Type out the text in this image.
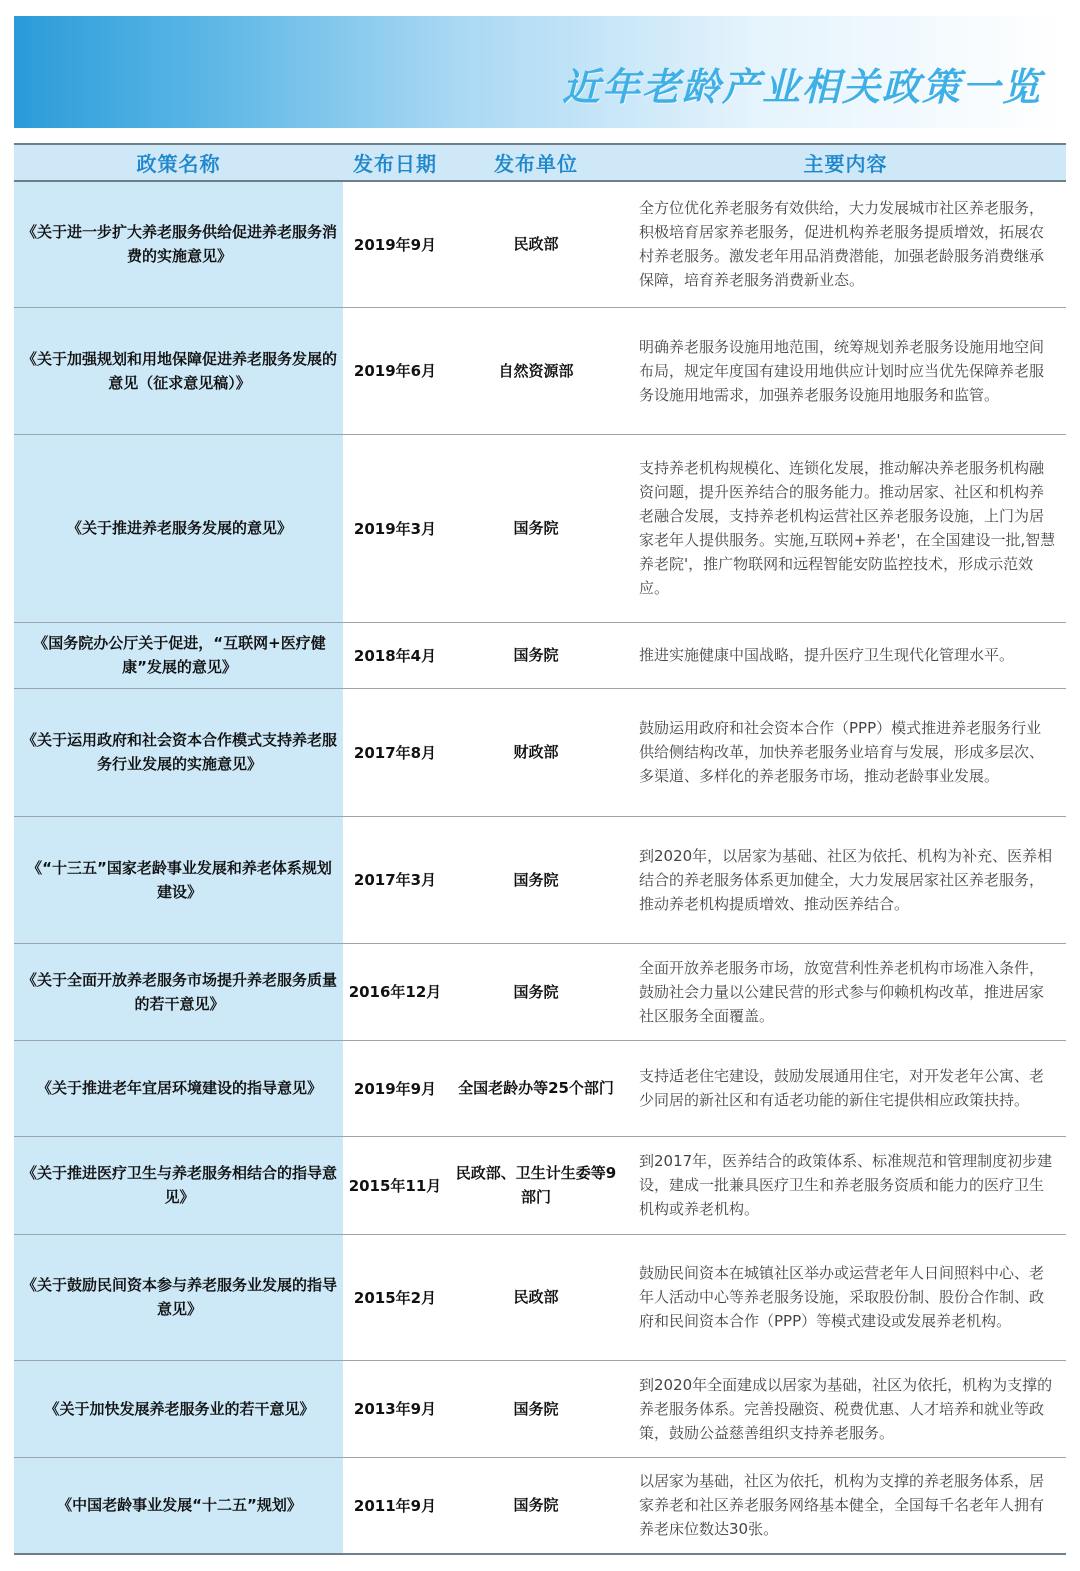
近年老龄产业相关政策一览
政策名称	发布日期	发布单位	主要内容
《关于进一步扩大养老服务供给促进养老服务消费的实施意见》	2019年9月	民政部	全方位优化养老服务有效供给，大力发展城市社区养老服务，积极培育居家养老服务，促进机构养老服务提质增效，拓展农村养老服务。激发老年用品消费潜能，加强老龄服务消费继承保障，培育养老服务消费新业态。
《关于加强规划和用地保障促进养老服务发展的意见（征求意见稿）》	2019年6月	自然资源部	明确养老服务设施用地范围，统筹规划养老服务设施用地空间布局，规定年度国有建设用地供应计划时应当优先保障养老服务设施用地需求，加强养老服务设施用地服务和监管。
《关于推进养老服务发展的意见》	2019年3月	国务院	支持养老机构规模化、连锁化发展，推动解决养老服务机构融资问题，提升医养结合的服务能力。推动居家、社区和机构养老融合发展，支持养老机构运营社区养老服务设施，上门为居家老年人提供服务。实施,互联网+养老'，在全国建设一批,智慧养老院'，推广物联网和远程智能安防监控技术，形成示范效应。
《国务院办公厅关于促进，“互联网+医疗健康”发展的意见》	2018年4月	国务院	推进实施健康中国战略，提升医疗卫生现代化管理水平。
《关于运用政府和社会资本合作模式支持养老服务行业发展的实施意见》	2017年8月	财政部	鼓励运用政府和社会资本合作（PPP）模式推进养老服务行业 供给侧结构改革，加快养老服务业培育与发展，形成多层次、多渠道、多样化的养老服务市场，推动老龄事业发展。
《“十三五”国家老龄事业发展和养老体系规划建设》	2017年3月	国务院	到2020年，以居家为基础、社区为依托、机构为补充、医养相结合的养老服务体系更加健全，大力发展居家社区养老服务，推动养老机构提质增效、推动医养结合。
《关于全面开放养老服务市场提升养老服务质量的若干意见》	2016年12月	国务院	全面开放养老服务市场，放宽营利性养老机构市场准入条件，鼓励社会力量以公建民营的形式参与仰赖机构改革，推进居家社区服务全面覆盖。
《关于推进老年宜居环境建设的指导意见》	2019年9月	全国老龄办等25个部门	支持适老住宅建设，鼓励发展通用住宅，对开发老年公寓、老少同居的新社区和有适老功能的新住宅提供相应政策扶持。
《关于推进医疗卫生与养老服务相结合的指导意见》	2015年11月	民政部、卫生计生委等9部门	到2017年，医养结合的政策体系、标准规范和管理制度初步建设，建成一批兼具医疗卫生和养老服务资质和能力的医疗卫生机构或养老机构。
《关于鼓励民间资本参与养老服务业发展的指导意见》	2015年2月	民政部	鼓励民间资本在城镇社区举办或运营老年人日间照料中心、老年人活动中心等养老服务设施，采取股份制、股份合作制、政府和民间资本合作（PPP）等模式建设或发展养老机构。
《关于加快发展养老服务业的若干意见》	2013年9月	国务院	到2020年全面建成以居家为基础，社区为依托，机构为支撑的养老服务体系。完善投融资、税费优惠、人才培养和就业等政策，鼓励公益慈善组织支持养老服务。
《中国老龄事业发展“十二五”规划》	2011年9月	国务院	以居家为基础，社区为依托，机构为支撑的养老服务体系，居家养老和社区养老服务网络基本健全，全国每千名老年人拥有养老床位数达30张。
